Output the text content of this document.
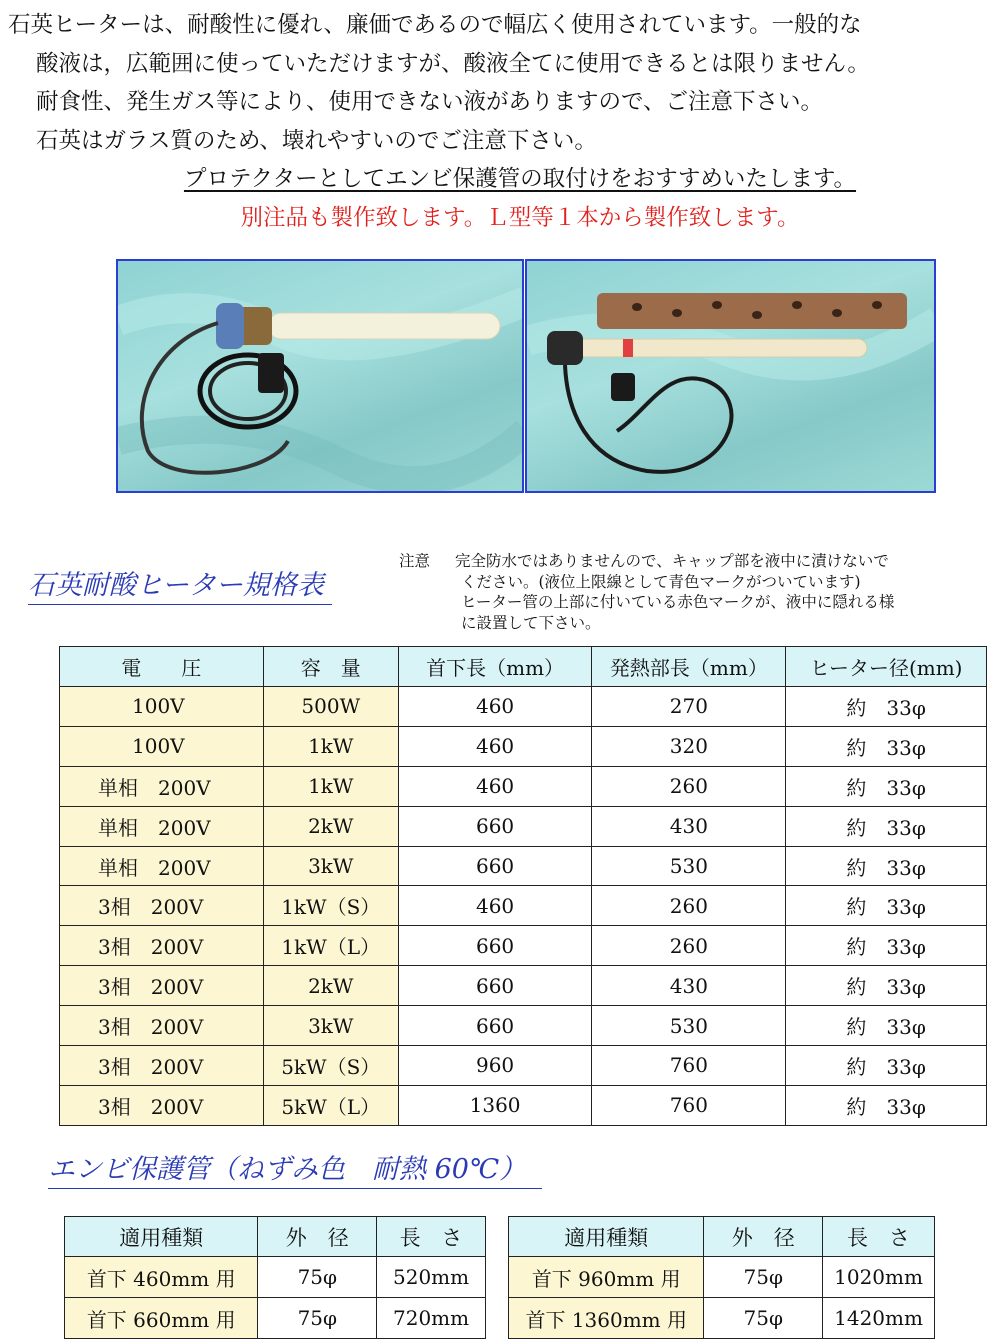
石英ヒーターは、耐酸性に優れ、廉価であるので幅広く使用されています。一般的な

酸液は，広範囲に使っていただけますが、酸液全てに使用できるとは限りません。

耐食性、発生ガス等により、使用できない液がありますので、ご注意下さい。

石英はガラス質のため、壊れやすいのでご注意下さい。

プロテクターとしてエンビ保護管の取付けをおすすめいたします。

別注品も製作致します。Ｌ型等１本から製作致します。

石英耐酸ヒーター規格表
注意	完全防水ではありませんので、キャップ部を液中に漬けないで
ください。(液位上限線として青色マークがついています)
ヒーター管の上部に付いている赤色マークが、液中に隠れる様
に設置して下さい。
電　　圧	容　量	首下長（mm）	発熱部長（mm）	ヒーター径(mm)
100V	500W	460	270	約　33φ
100V	1kW	460	320	約　33φ
単相　200V	1kW	460	260	約　33φ
単相　200V	2kW	660	430	約　33φ
単相　200V	3kW	660	530	約　33φ
3相　200V	1kW（S）	460	260	約　33φ
3相　200V	1kW（L）	660	260	約　33φ
3相　200V	2kW	660	430	約　33φ
3相　200V	3kW	660	530	約　33φ
3相　200V	5kW（S）	960	760	約　33φ
3相　200V	5kW（L）	1360	760	約　33φ
エンビ保護管（ねずみ色　耐熱 60℃）
適用種類	外　径	長　さ
首下 460mm 用	75φ	520mm
首下 660mm 用	75φ	720mm
適用種類	外　径	長　さ
首下 960mm 用	75φ	1020mm
首下 1360mm 用	75φ	1420mm
